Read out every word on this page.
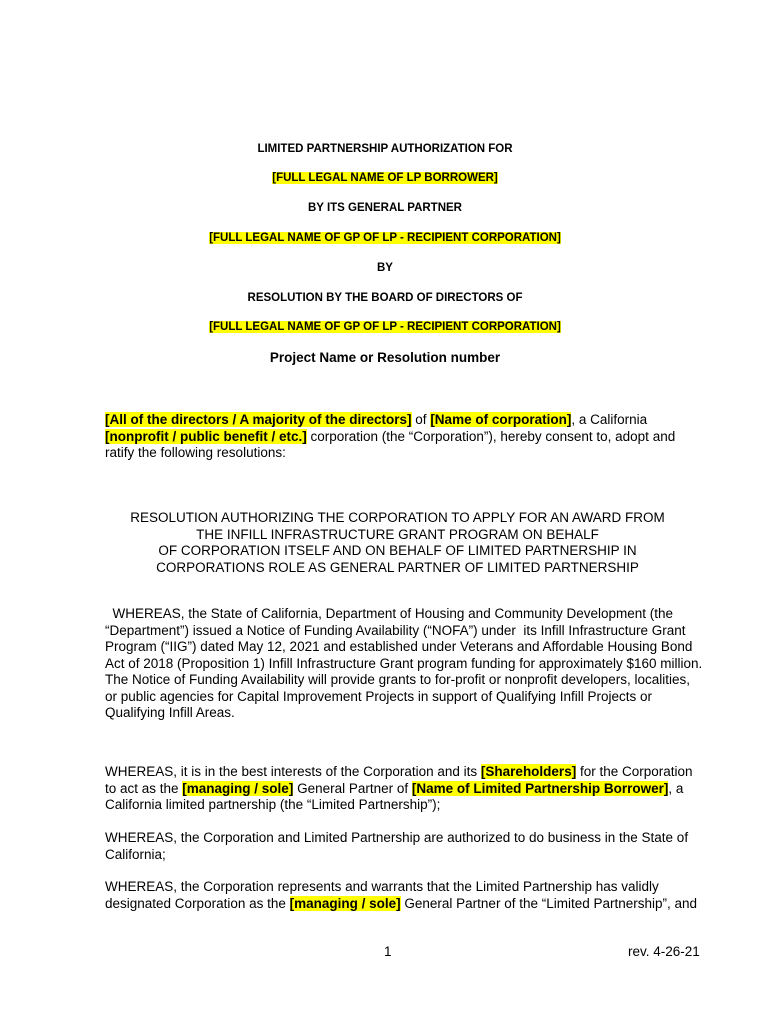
LIMITED PARTNERSHIP AUTHORIZATION FOR
[FULL LEGAL NAME OF LP BORROWER]
BY ITS GENERAL PARTNER
[FULL LEGAL NAME OF GP OF LP - RECIPIENT CORPORATION]
BY
RESOLUTION BY THE BOARD OF DIRECTORS OF
[FULL LEGAL NAME OF GP OF LP - RECIPIENT CORPORATION]
Project Name or Resolution number
[All of the directors / A majority of the directors] of [Name of corporation], a California [nonprofit / public benefit / etc.] corporation (the “Corporation”), hereby consent to, adopt and ratify the following resolutions:
RESOLUTION AUTHORIZING THE CORPORATION TO APPLY FOR AN AWARD FROM
THE INFILL INFRASTRUCTURE GRANT PROGRAM ON BEHALF
OF CORPORATION ITSELF AND ON BEHALF OF LIMITED PARTNERSHIP IN
CORPORATIONS ROLE AS GENERAL PARTNER OF LIMITED PARTNERSHIP
WHEREAS, the State of California, Department of Housing and Community Development (the “Department”) issued a Notice of Funding Availability (“NOFA”) under  its Infill Infrastructure Grant Program (“IIG”) dated May 12, 2021 and established under Veterans and Affordable Housing Bond Act of 2018 (Proposition 1) Infill Infrastructure Grant program funding for approximately $160 million. The Notice of Funding Availability will provide grants to for-profit or nonprofit developers, localities, or public agencies for Capital Improvement Projects in support of Qualifying Infill Projects or Qualifying Infill Areas.
WHEREAS, it is in the best interests of the Corporation and its [Shareholders] for the Corporation to act as the [managing / sole] General Partner of [Name of Limited Partnership Borrower], a California limited partnership (the “Limited Partnership”);
WHEREAS, the Corporation and Limited Partnership are authorized to do business in the State of California;
WHEREAS, the Corporation represents and warrants that the Limited Partnership has validly designated Corporation as the [managing / sole] General Partner of the “Limited Partnership”, and
1	rev. 4-26-21
